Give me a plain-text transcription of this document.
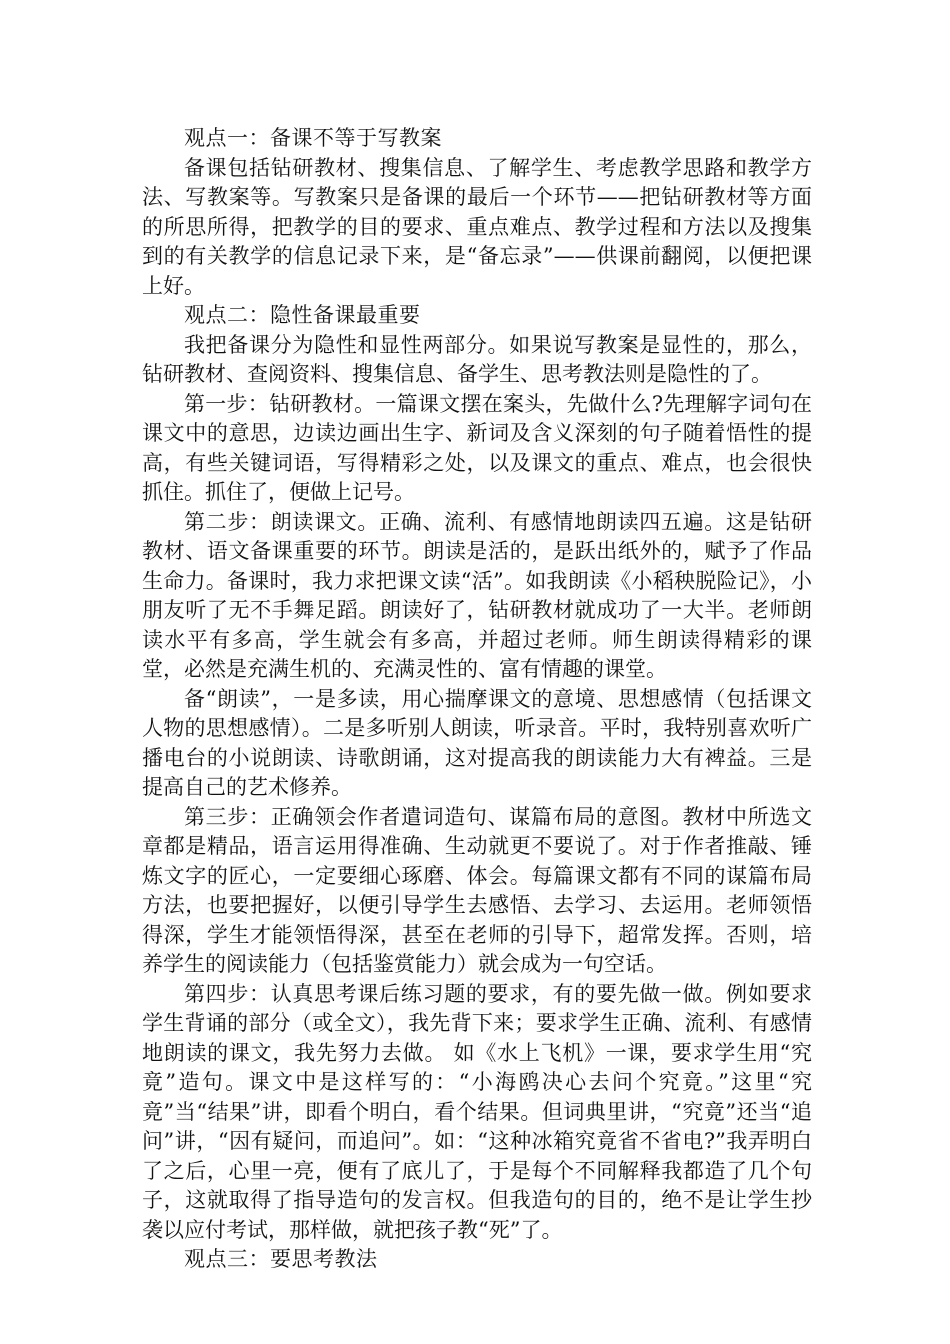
观点一：备课不等于写教案

备课包括钻研教材、搜集信息、了解学生、考虑教学思路和教学方法、写教案等。写教案只是备课的最后一个环节——把钻研教材等方面的所思所得，把教学的目的要求、重点难点、教学过程和方法以及搜集到的有关教学的信息记录下来，是“备忘录”——供课前翻阅，以便把课上好。

观点二：隐性备课最重要

我把备课分为隐性和显性两部分。如果说写教案是显性的，那么，钻研教材、查阅资料、搜集信息、备学生、思考教法则是隐性的了。

第一步：钻研教材。一篇课文摆在案头，先做什么?先理解字词句在课文中的意思，边读边画出生字、新词及含义深刻的句子随着悟性的提高，有些关键词语，写得精彩之处，以及课文的重点、难点，也会很快抓住。抓住了，便做上记号。

第二步：朗读课文。正确、流利、有感情地朗读四五遍。这是钻研教材、语文备课重要的环节。朗读是活的，是跃出纸外的，赋予了作品生命力。备课时，我力求把课文读“活”。如我朗读《小稻秧脱险记》，小朋友听了无不手舞足蹈。朗读好了，钻研教材就成功了一大半。老师朗读水平有多高，学生就会有多高，并超过老师。师生朗读得精彩的课堂，必然是充满生机的、充满灵性的、富有情趣的课堂。

备“朗读”，一是多读，用心揣摩课文的意境、思想感情（包括课文人物的思想感情）。二是多听别人朗读，听录音。平时，我特别喜欢听广播电台的小说朗读、诗歌朗诵，这对提高我的朗读能力大有裨益。三是提高自己的艺术修养。

第三步：正确领会作者遣词造句、谋篇布局的意图。教材中所选文章都是精品，语言运用得准确、生动就更不要说了。对于作者推敲、锤炼文字的匠心，一定要细心琢磨、体会。每篇课文都有不同的谋篇布局方法，也要把握好，以便引导学生去感悟、去学习、去运用。老师领悟得深，学生才能领悟得深，甚至在老师的引导下，超常发挥。否则，培养学生的阅读能力（包括鉴赏能力）就会成为一句空话。

第四步：认真思考课后练习题的要求，有的要先做一做。例如要求学生背诵的部分（或全文），我先背下来；要求学生正确、流利、有感情地朗读的课文，我先努力去做。 如《水上飞机》一课，要求学生用“究竟”造句。课文中是这样写的：“小海鸥决心去问个究竟。”这里“究竟”当“结果”讲，即看个明白，看个结果。但词典里讲，“究竟”还当“追问”讲，“因有疑问，而追问”。如：“这种冰箱究竟省不省电?”我弄明白了之后，心里一亮，便有了底儿了，于是每个不同解释我都造了几个句子，这就取得了指导造句的发言权。但我造句的目的，绝不是让学生抄袭以应付考试，那样做，就把孩子教“死”了。

观点三：要思考教法
